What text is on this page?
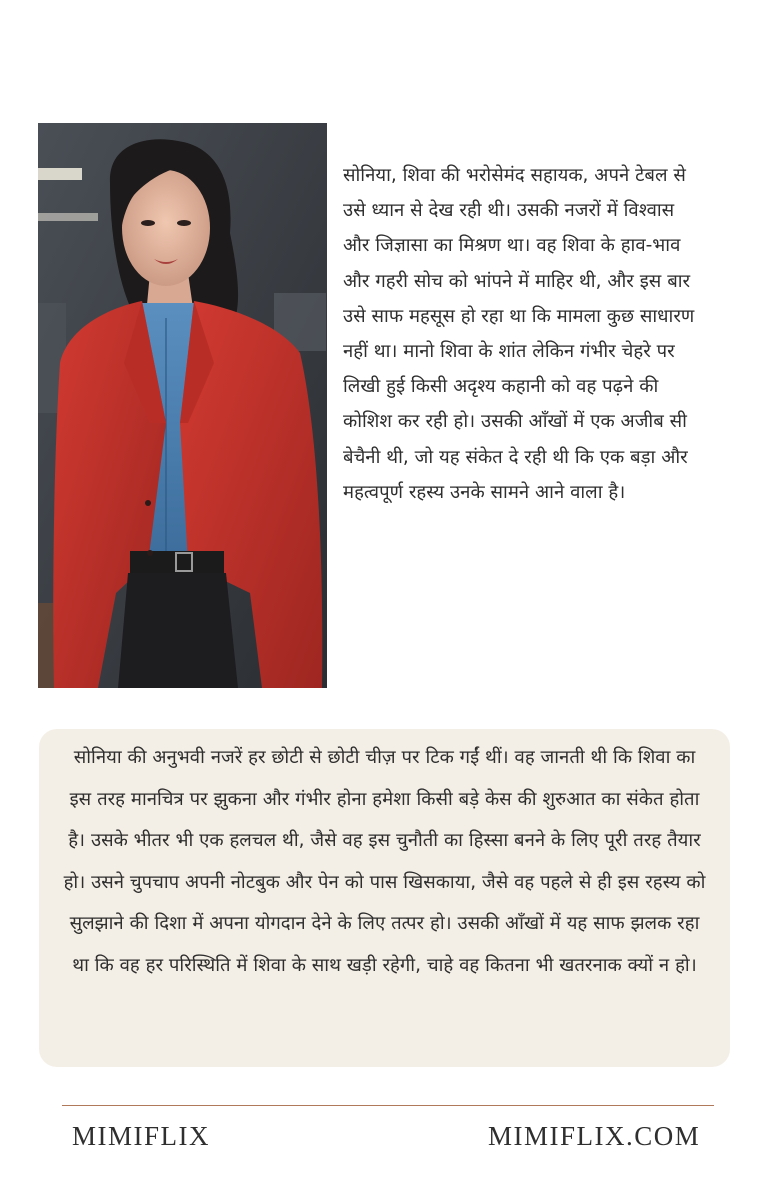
सोनिया, शिवा की भरोसेमंद सहायक, अपने टेबल से उसे ध्यान से देख रही थी। उसकी नजरों में विश्वास और जिज्ञासा का मिश्रण था। वह शिवा के हाव-भाव और गहरी सोच को भांपने में माहिर थी, और इस बार उसे साफ महसूस हो रहा था कि मामला कुछ साधारण नहीं था। मानो शिवा के शांत लेकिन गंभीर चेहरे पर लिखी हुई किसी अदृश्य कहानी को वह पढ़ने की कोशिश कर रही हो। उसकी आँखों में एक अजीब सी बेचैनी थी, जो यह संकेत दे रही थी कि एक बड़ा और महत्वपूर्ण रहस्य उनके सामने आने वाला है।

सोनिया की अनुभवी नजरें हर छोटी से छोटी चीज़ पर टिक गईं थीं। वह जानती थी कि शिवा का इस तरह मानचित्र पर झुकना और गंभीर होना हमेशा किसी बड़े केस की शुरुआत का संकेत होता है। उसके भीतर भी एक हलचल थी, जैसे वह इस चुनौती का हिस्सा बनने के लिए पूरी तरह तैयार हो। उसने चुपचाप अपनी नोटबुक और पेन को पास खिसकाया, जैसे वह पहले से ही इस रहस्य को सुलझाने की दिशा में अपना योगदान देने के लिए तत्पर हो। उसकी आँखों में यह साफ झलक रहा था कि वह हर परिस्थिति में शिवा के साथ खड़ी रहेगी, चाहे वह कितना भी खतरनाक क्यों न हो।

MIMIFLIX	MIMIFLIX.COM
